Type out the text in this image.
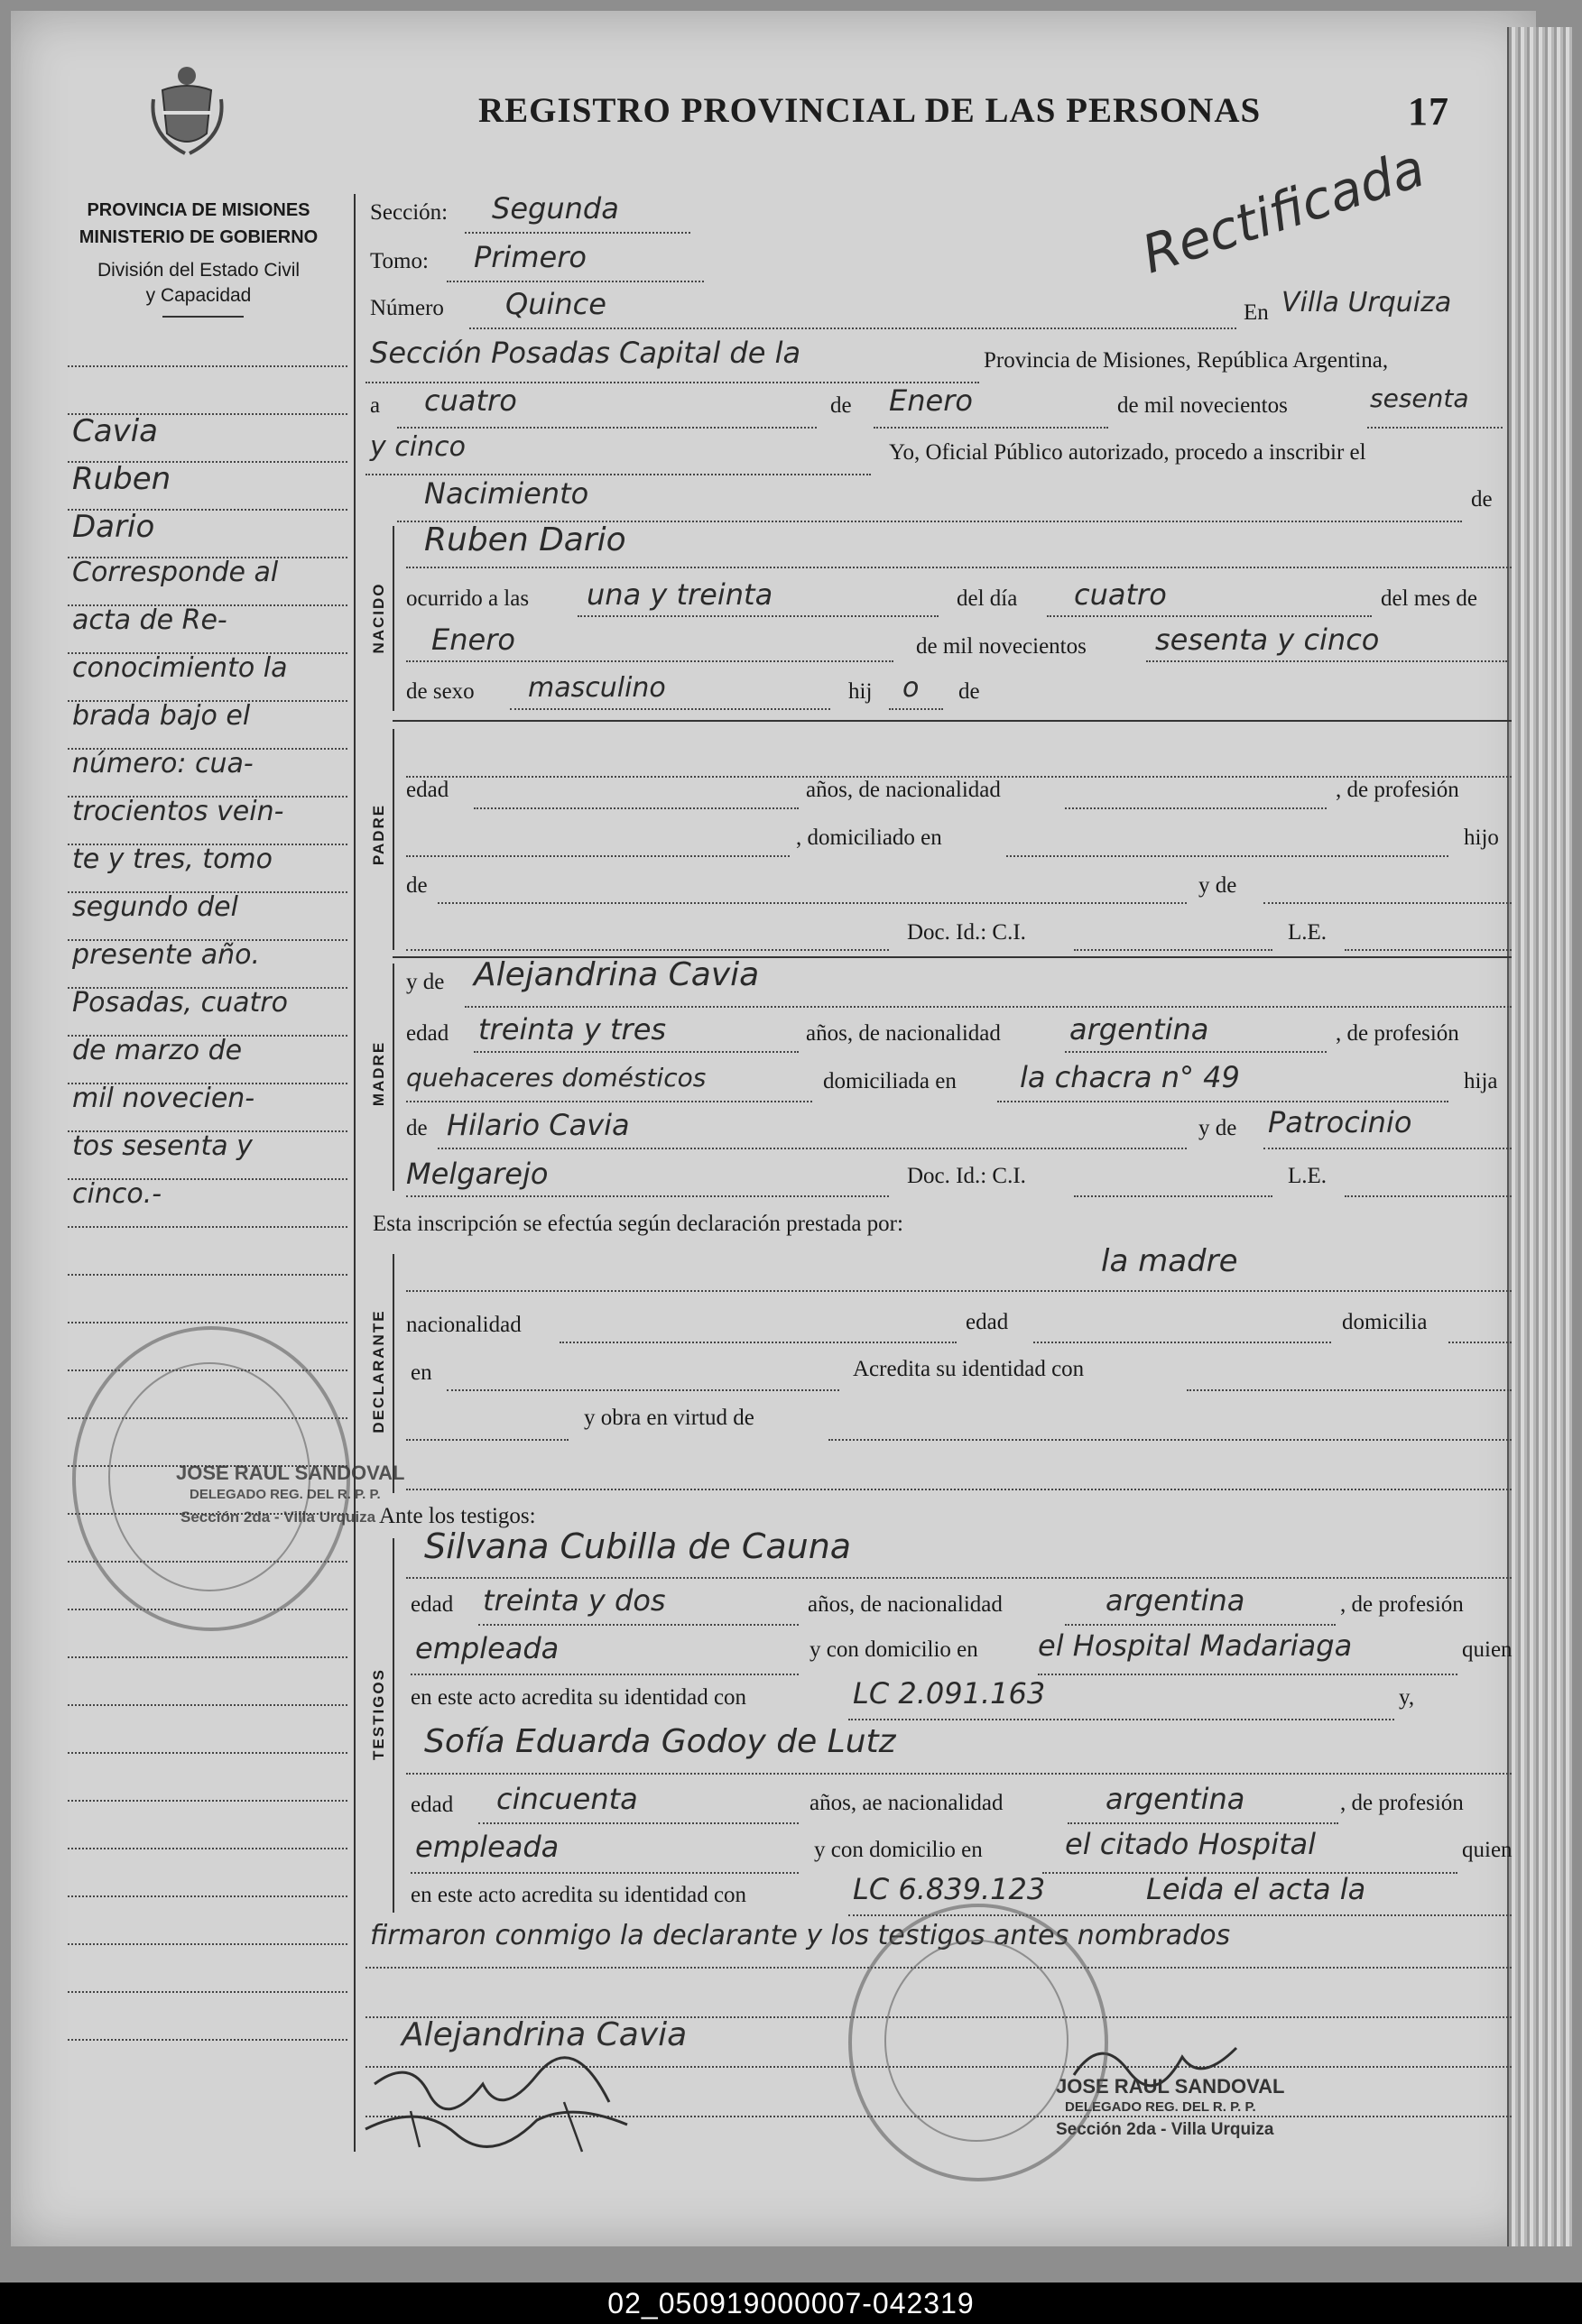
REGISTRO PROVINCIAL DE LAS PERSONAS	17
Rectificada
PROVINCIA DE MISIONES
MINISTERIO DE GOBIERNO
División del Estado Civil
y Capacidad
Cavia
Ruben
Dario
Corresponde al
acta de Re-
conocimiento la
brada bajo el
número: cua-
trocientos vein-
te y tres, tomo
segundo del
presente año.
Posadas, cuatro
de marzo de
mil novecien-
tos sesenta y
cinco.-
Sección: Segunda
Tomo: Primero
Número Quince	En Villa Urquiza
Sección Posadas Capital de la	Provincia de Misiones, República Argentina,
a cuatro	de Enero	de mil novecientos	sesenta
y cinco	Yo, Oficial Público autorizado, procedo a inscribir el
Nacimiento	de
NACIDO
Ruben Dario
ocurrido a las una y treinta	del día cuatro	del mes de
Enero	de mil novecientos sesenta y cinco
de sexo masculino	hij o de
PADRE
edad	años, de nacionalidad	, de profesión
, domiciliado en	hijo
de	y de
Doc. Id.: C.I.	L.E.
MADRE
y de Alejandrina Cavia
edad treinta y tres	años, de nacionalidad argentina	, de profesión
quehaceres domésticos	domiciliada en la chacra n° 49	hija
de Hilario Cavia	y de Patrocinio
Melgarejo	Doc. Id.: C.I.	L.E.
Esta inscripción se efectúa según declaración prestada por:
DECLARANTE
la madre
nacionalidad	edad	domicilia
en	Acredita su identidad con
y obra en virtud de
Ante los testigos:
TESTIGOS
Silvana Cubilla de Cauna
edad treinta y dos	años, de nacionalidad	argentina	, de profesión
empleada	y con domicilio en el Hospital Madariaga	quien
en este acto acredita su identidad con	LC 2.091.163	y,
Sofía Eduarda Godoy de Lutz
edad cincuenta	años, ae nacionalidad	argentina	, de profesión
empleada	y con domicilio en	el citado Hospital	quien
en este acto acredita su identidad con	LC 6.839.123	Leida el acta la
firmaron conmigo la declarante y los testigos antes nombrados
Alejandrina Cavia
JOSE RAUL SANDOVAL
DELEGADO REG. DEL R. P. P.
Sección 2da - Villa Urquiza
JOSE RAUL SANDOVAL
DELEGADO REG. DEL R. P. P.
Sección 2da - Villa Urquiza
02_050919000007-042319
